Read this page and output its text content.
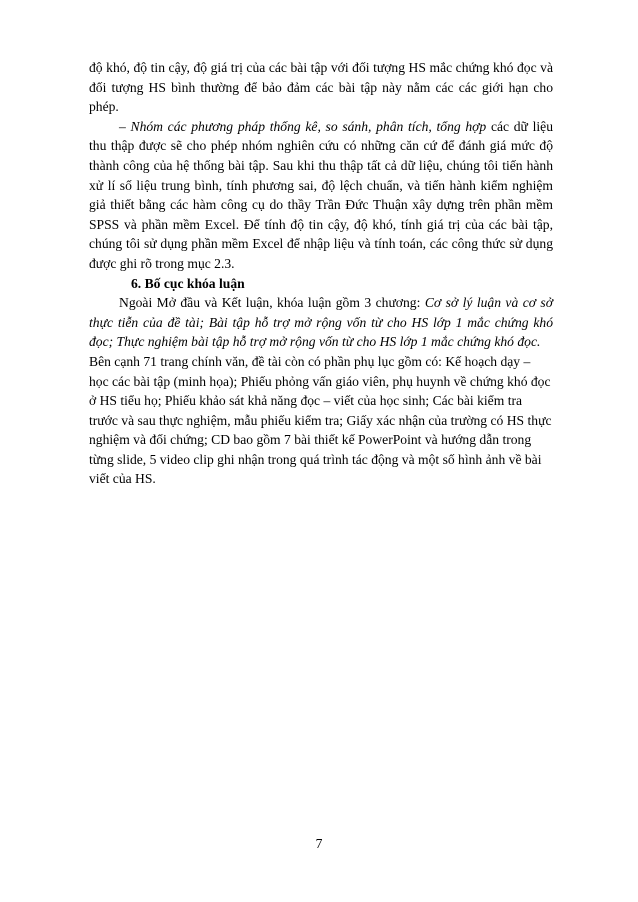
độ khó, độ tin cậy, độ giá trị của các bài tập với đối tượng HS mắc chứng khó đọc và đối tượng HS bình thường để bảo đảm các bài tập này nằm các các giới hạn cho phép.

– Nhóm các phương pháp thống kê, so sánh, phân tích, tổng hợp các dữ liệu thu thập được sẽ cho phép nhóm nghiên cứu có những căn cứ để đánh giá mức độ thành công của hệ thống bài tập. Sau khi thu thập tất cả dữ liệu, chúng tôi tiến hành xử lí số liệu trung bình, tính phương sai, độ lệch chuẩn, và tiến hành kiểm nghiệm giả thiết bằng các hàm công cụ do thầy Trần Đức Thuận xây dựng trên phần mềm SPSS và phần mềm Excel. Để tính độ tin cậy, độ khó, tính giá trị của các bài tập, chúng tôi sử dụng phần mềm Excel để nhập liệu và tính toán, các công thức sử dụng được ghi rõ trong mục 2.3.

6. Bố cục khóa luận

Ngoài Mở đầu và Kết luận, khóa luận gồm 3 chương: Cơ sở lý luận và cơ sở thực tiễn của đề tài; Bài tập hỗ trợ mở rộng vốn từ cho HS lớp 1 mắc chứng khó đọc; Thực nghiệm bài tập hỗ trợ mở rộng vốn từ cho HS lớp 1 mắc chứng khó đọc.

Bên cạnh 71 trang chính văn, đề tài còn có phần phụ lục gồm có: Kế hoạch dạy – học các bài tập (minh họa); Phiếu phỏng vấn giáo viên, phụ huynh về chứng khó đọc ở HS tiểu họ; Phiếu khảo sát khả năng đọc – viết của học sinh; Các bài kiểm tra trước và sau thực nghiệm, mẫu phiếu kiểm tra; Giấy xác nhận của trường có HS thực nghiệm và đối chứng; CD bao gồm 7 bài thiết kế PowerPoint và hướng dẫn trong từng slide, 5 video clip ghi nhận trong quá trình tác động và một số hình ảnh về bài viết của HS.

7
